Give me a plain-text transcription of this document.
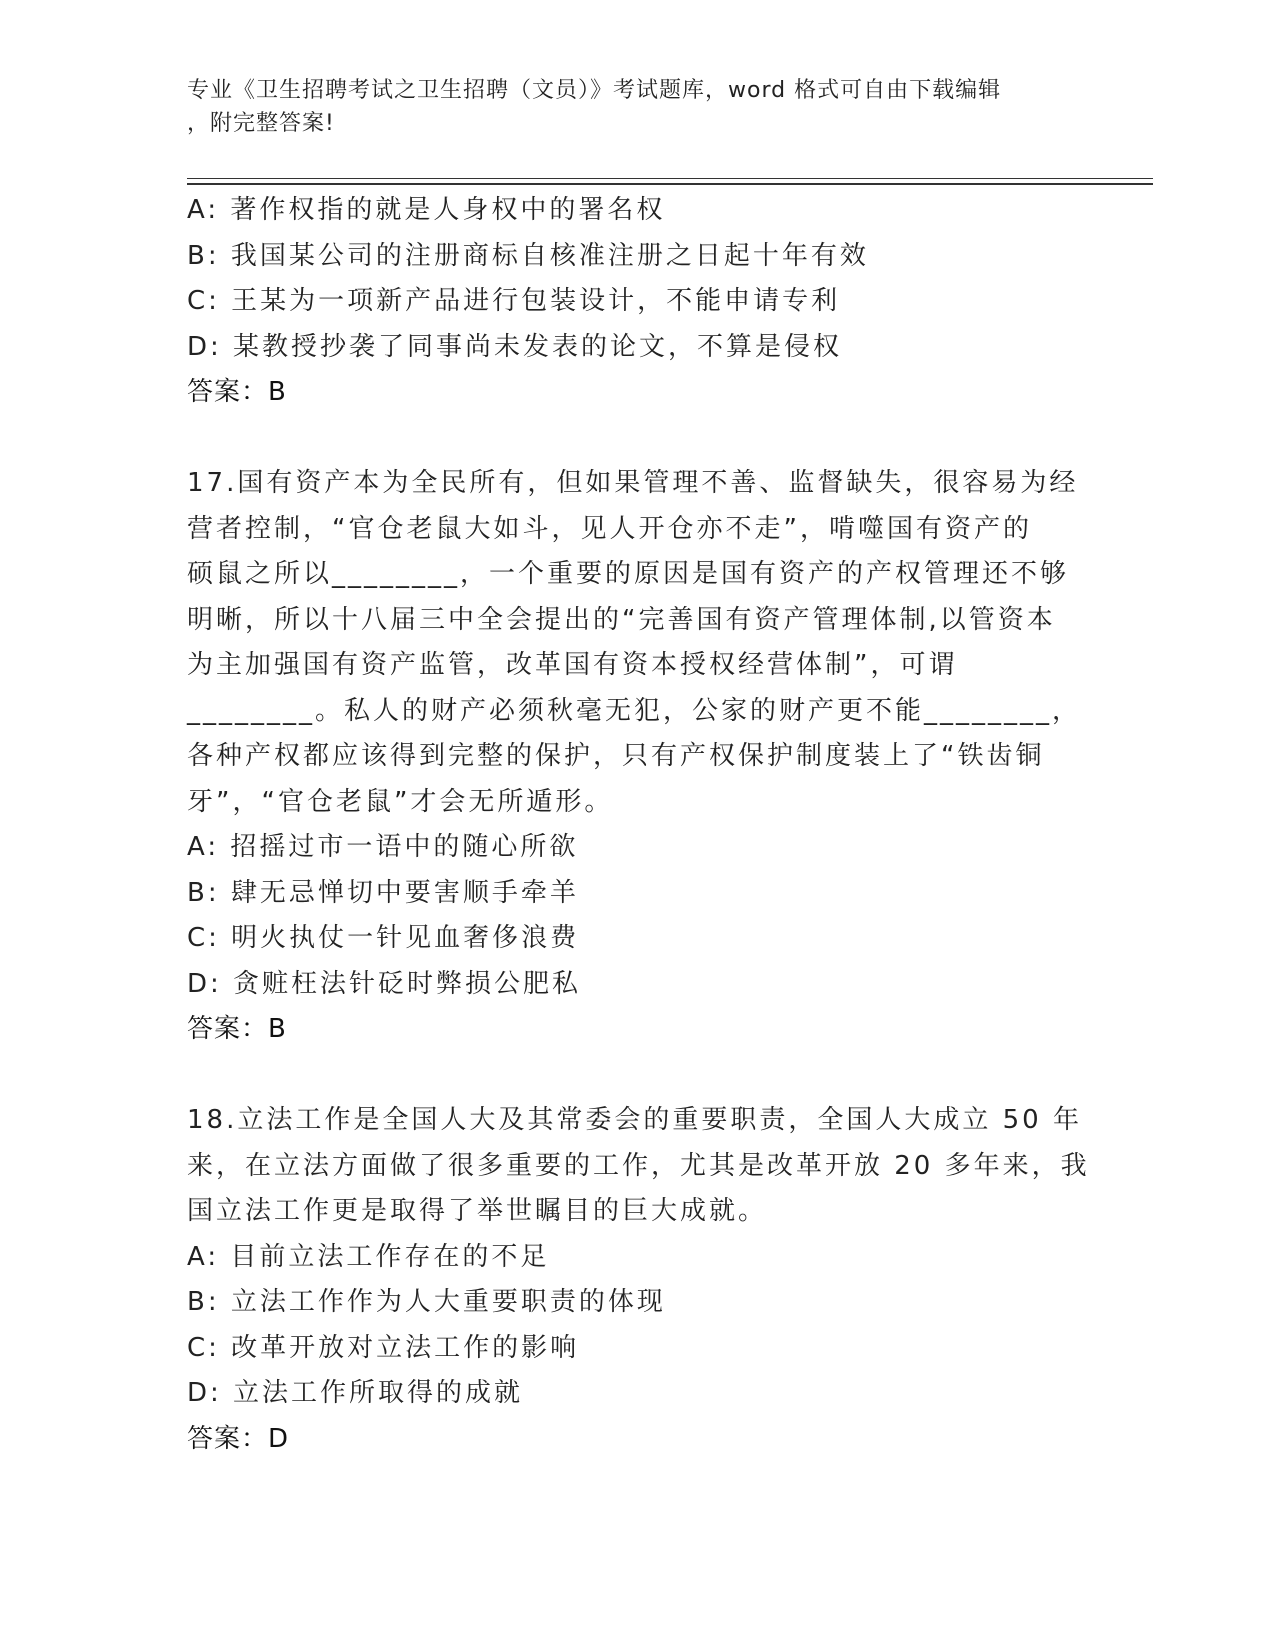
专业《卫生招聘考试之卫生招聘（文员）》考试题库，word 格式可自由下载编辑
，附完整答案!
A: 著作权指的就是人身权中的署名权
B: 我国某公司的注册商标自核准注册之日起十年有效
C: 王某为一项新产品进行包装设计，不能申请专利
D: 某教授抄袭了同事尚未发表的论文，不算是侵权
答案：B
17.国有资产本为全民所有，但如果管理不善、监督缺失，很容易为经
营者控制，“官仓老鼠大如斗，见人开仓亦不走”，啃噬国有资产的
硕鼠之所以________，一个重要的原因是国有资产的产权管理还不够
明晰，所以十八届三中全会提出的“完善国有资产管理体制,以管资本
为主加强国有资产监管，改革国有资本授权经营体制”，可谓
________。私人的财产必须秋毫无犯，公家的财产更不能________，
各种产权都应该得到完整的保护，只有产权保护制度装上了“铁齿铜
牙”，“官仓老鼠”才会无所遁形。
A: 招摇过市一语中的随心所欲
B: 肆无忌惮切中要害顺手牵羊
C: 明火执仗一针见血奢侈浪费
D: 贪赃枉法针砭时弊损公肥私
答案：B
18.立法工作是全国人大及其常委会的重要职责，全国人大成立 50 年
来，在立法方面做了很多重要的工作，尤其是改革开放 20 多年来，我
国立法工作更是取得了举世瞩目的巨大成就。
A: 目前立法工作存在的不足
B: 立法工作作为人大重要职责的体现
C: 改革开放对立法工作的影响
D: 立法工作所取得的成就
答案：D
